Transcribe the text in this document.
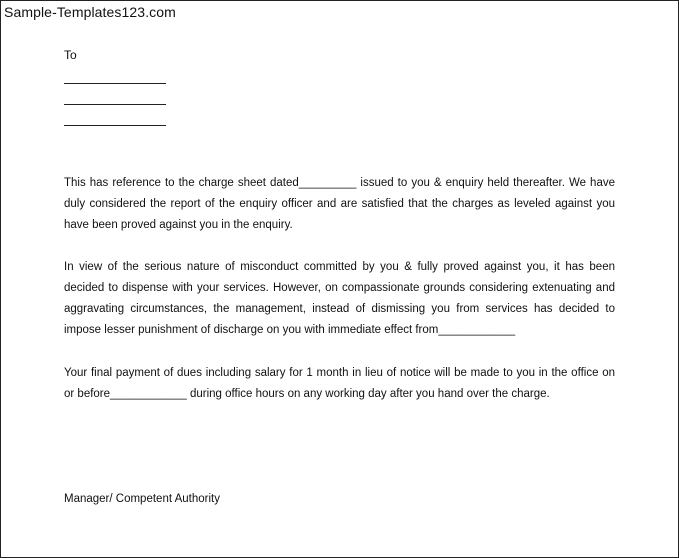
Sample-Templates123.com
To

This has reference to the charge sheet dated_________ issued to you & enquiry held thereafter. We have duly considered the report of the enquiry officer and are satisfied that the charges as leveled against you have been proved against you in the enquiry.

In view of the serious nature of misconduct committed by you & fully proved against you, it has been decided to dispense with your services. However, on compassionate grounds considering extenuating and aggravating circumstances, the management, instead of dismissing you from services has decided to impose lesser punishment of discharge on you with immediate effect from____________

Your final payment of dues including salary for 1 month in lieu of notice will be made to you in the office on or before____________ during office hours on any working day after you hand over the charge.

Manager/ Competent Authority
